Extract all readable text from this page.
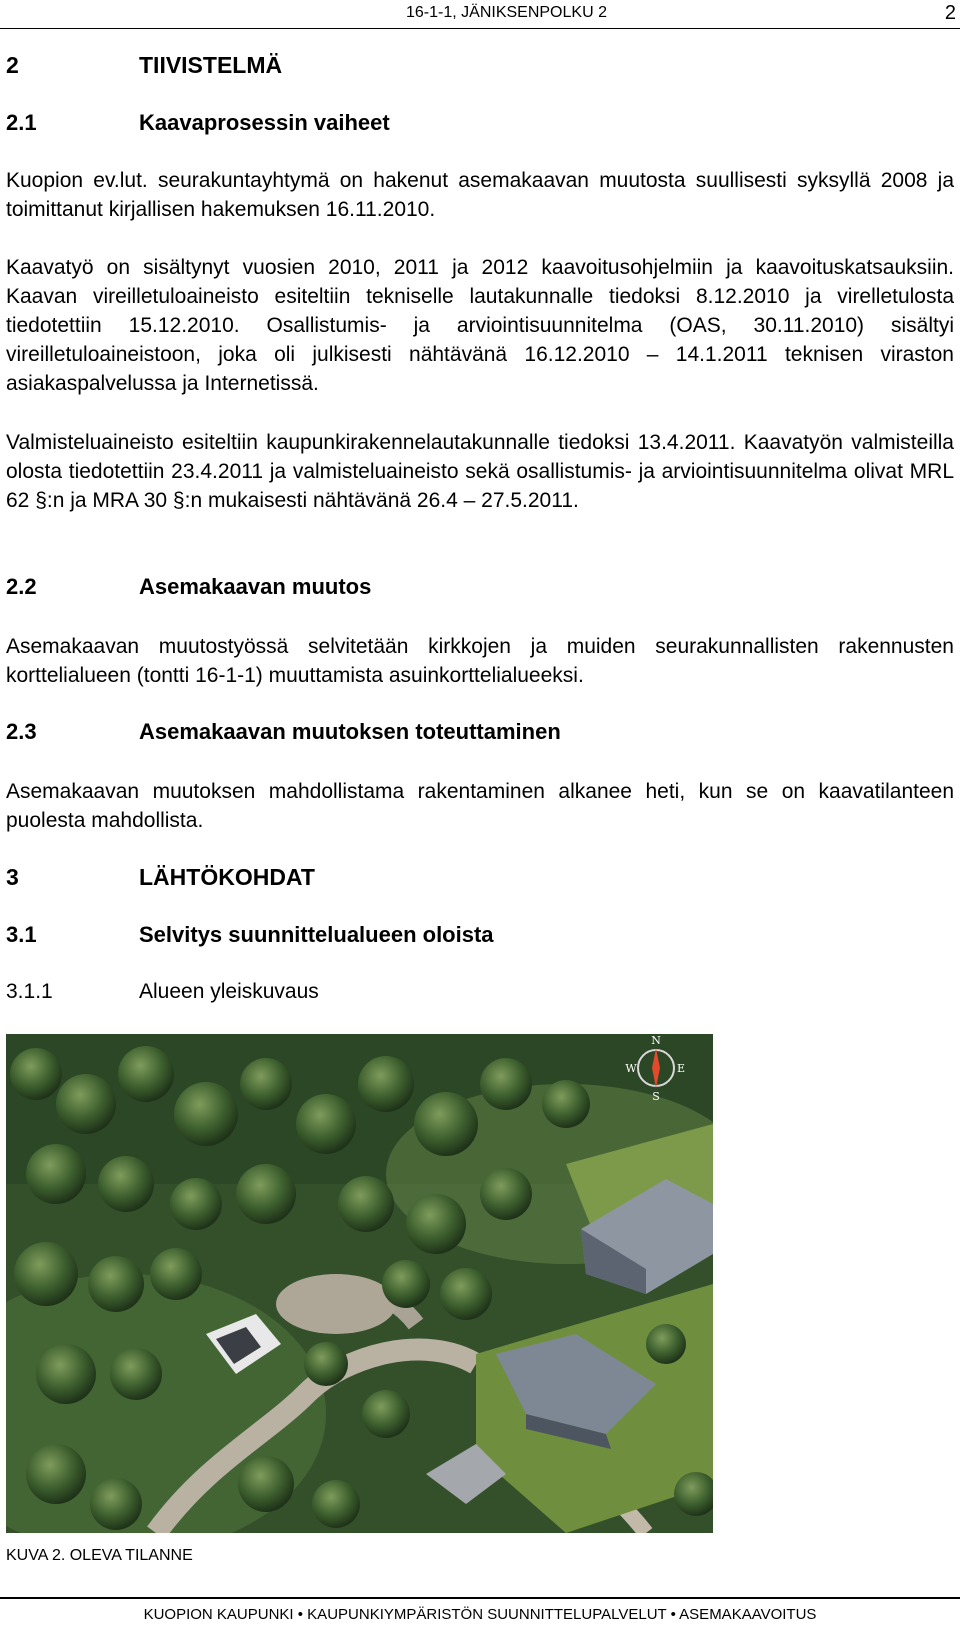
16-1-1, JÄNIKSENPOLKU 2	2
2	TIIVISTELMÄ
2.1	Kaavaprosessin vaiheet
Kuopion ev.lut. seurakuntayhtymä on hakenut asemakaavan muutosta suullisesti syksyllä 2008 ja toimittanut kirjallisen hakemuksen 16.11.2010.
Kaavatyö on sisältynyt vuosien 2010, 2011 ja 2012 kaavoitusohjelmiin ja kaavoituskatsauksiin. Kaavan vireilletuloaineisto esiteltiin tekniselle lautakunnalle tiedoksi 8.12.2010 ja virelletulosta tiedotettiin 15.12.2010. Osallistumis- ja arviointisuunnitelma (OAS, 30.11.2010) sisältyi vireilletuloaineistoon, joka oli julkisesti nähtävänä 16.12.2010 – 14.1.2011 teknisen viraston asiakaspalvelussa ja Internetissä.
Valmisteluaineisto esiteltiin kaupunkirakennelautakunnalle tiedoksi 13.4.2011. Kaavatyön valmisteilla olosta tiedotettiin 23.4.2011 ja valmisteluaineisto sekä osallistumis- ja arviointisuunnitelma olivat MRL 62 §:n ja MRA 30 §:n mukaisesti nähtävänä 26.4 – 27.5.2011.
2.2	Asemakaavan muutos
Asemakaavan muutostyössä selvitetään kirkkojen ja muiden seurakunnallisten rakennusten korttelialueen (tontti 16-1-1) muuttamista asuinkorttelialueeksi.
2.3	Asemakaavan muutoksen toteuttaminen
Asemakaavan muutoksen mahdollistama rakentaminen alkanee heti, kun se on kaavatilanteen puolesta mahdollista.
3	LÄHTÖKOHDAT
3.1	Selvitys suunnittelualueen oloista
3.1.1	Alueen yleiskuvaus
N
S
E
W
KUVA 2. OLEVA TILANNE
KUOPION KAUPUNKI • KAUPUNKIYMPÄRISTÖN SUUNNITTELUPALVELUT • ASEMAKAAVOITUS
